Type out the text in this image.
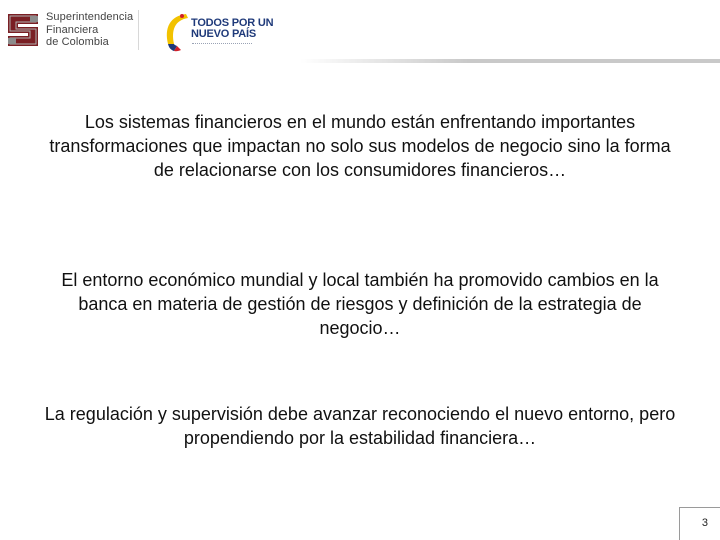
Superintendencia
Financiera
de Colombia
TODOS POR UN
NUEVO PAÍS
Los sistemas financieros en el mundo están enfrentando importantes transformaciones que impactan no solo sus modelos de negocio sino la forma de relacionarse con los consumidores financieros…
El entorno económico mundial y local también ha promovido cambios en la banca en materia de gestión de riesgos y definición de la estrategia de negocio…
La regulación y supervisión debe avanzar reconociendo el nuevo entorno, pero propendiendo por la estabilidad financiera…
3
